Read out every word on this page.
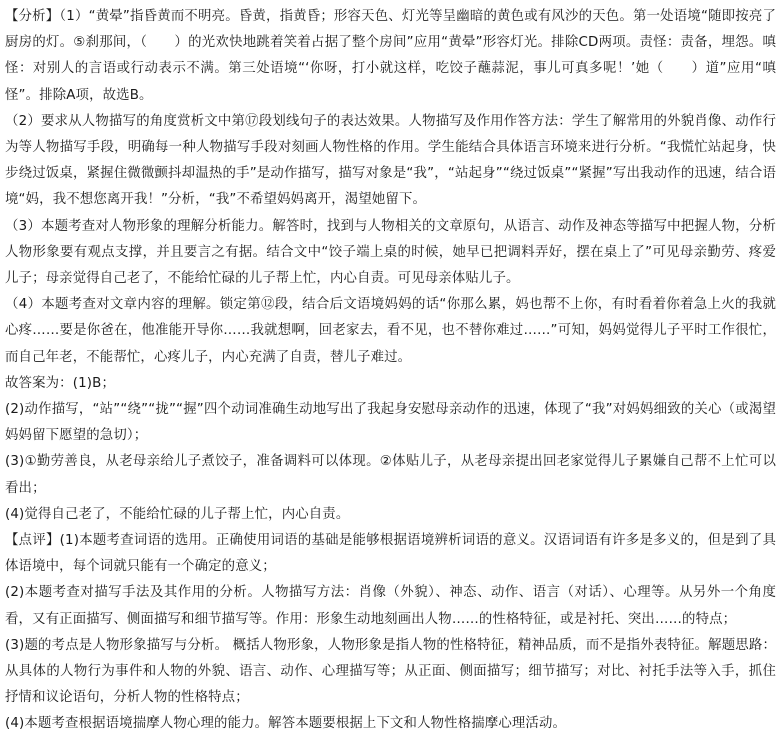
【分析】（1）“黄晕”指昏黄而不明亮。昏黄，指黄昏；形容天色、灯光等呈幽暗的黄色或有风沙的天色。第一处语境“随即按亮了厨房的灯。⑤刹那间，（　　）的光欢快地跳着笑着占据了整个房间”应用“黄晕”形容灯光。排除CD两项。责怪：责备，埋怨。嗔怪：对别人的言语或行动表示不满。第三处语境“‘你呀，打小就这样，吃饺子蘸蒜泥，事儿可真多呢！’她（　　）道”应用“嗔怪”。排除A项，故选B。

（2）要求从人物描写的角度赏析文中第⑰段划线句子的表达效果。人物描写及作用作答方法：学生了解常用的外貌肖像、动作行为等人物描写手段，明确每一种人物描写手段对刻画人物性格的作用。学生能结合具体语言环境来进行分析。“我慌忙站起身，快步绕过饭桌，紧握住微微颤抖却温热的手”是动作描写，描写对象是“我”，“站起身”“绕过饭桌”“紧握”写出我动作的迅速，结合语境“妈，我不想您离开我！”分析，“我”不希望妈妈离开，渴望她留下。

（3）本题考查对人物形象的理解分析能力。解答时，找到与人物相关的文章原句，从语言、动作及神态等描写中把握人物，分析人物形象要有观点支撑，并且要言之有据。结合文中“饺子端上桌的时候，她早已把调料弄好，摆在桌上了”可见母亲勤劳、疼爱儿子；母亲觉得自己老了，不能给忙碌的儿子帮上忙，内心自责。可见母亲体贴儿子。

（4）本题考查对文章内容的理解。锁定第⑫段，结合后文语境妈妈的话“你那么累，妈也帮不上你，有时看着你着急上火的我就心疼……要是你爸在，他准能开导你……我就想啊，回老家去，看不见，也不替你难过……”可知，妈妈觉得儿子平时工作很忙，而自己年老，不能帮忙，心疼儿子，内心充满了自责，替儿子难过。

故答案为：(1)B；

(2)动作描写，“站”“绕”“拢”“握”四个动词准确生动地写出了我起身安慰母亲动作的迅速，体现了“我”对妈妈细致的关心（或渴望妈妈留下愿望的急切）；

(3)①勤劳善良，从老母亲给儿子煮饺子，准备调料可以体现。②体贴儿子，从老母亲提出回老家觉得儿子累嫌自己帮不上忙可以看出；

(4)觉得自己老了，不能给忙碌的儿子帮上忙，内心自责。

【点评】(1)本题考查词语的选用。正确使用词语的基础是能够根据语境辨析词语的意义。汉语词语有许多是多义的，但是到了具体语境中，每个词就只能有一个确定的意义；

(2)本题考查对描写手法及其作用的分析。人物描写方法：肖像（外貌）、神态、动作、语言（对话）、心理等。从另外一个角度看，又有正面描写、侧面描写和细节描写等。作用：形象生动地刻画出人物……的性格特征，或是衬托、突出……的特点；

(3)题的考点是人物形象描写与分析。 概括人物形象，人物形象是指人物的性格特征，精神品质，而不是指外表特征。解题思路：从具体的人物行为事件和人物的外貌、语言、动作、心理描写等；从正面、侧面描写；细节描写；对比、衬托手法等入手，抓住抒情和议论语句，分析人物的性格特点；

(4)本题考查根据语境揣摩人物心理的能力。解答本题要根据上下文和人物性格揣摩心理活动。
